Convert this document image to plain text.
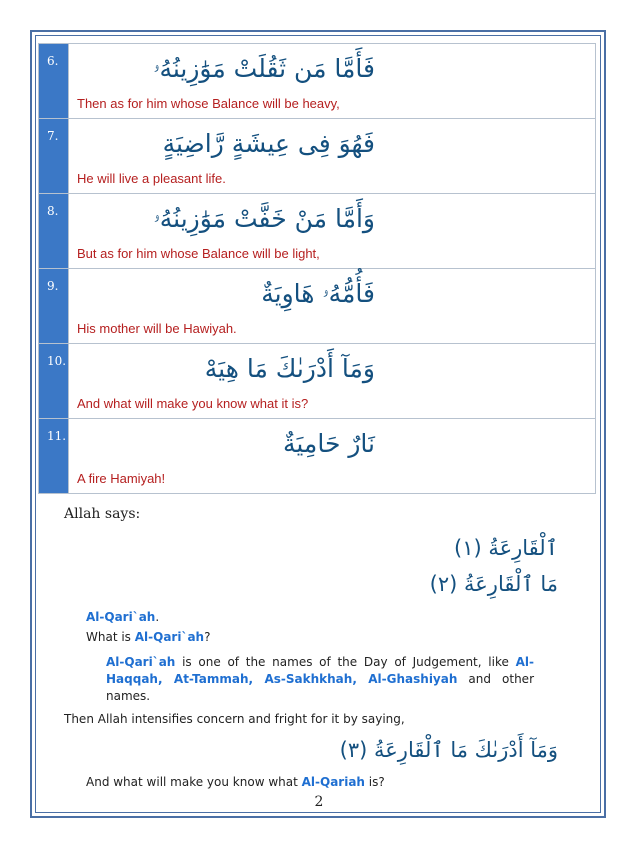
6.	فَأَمَّا مَن ثَقُلَتْ مَوَٰزِينُهُۥ
Then as for him whose Balance will be heavy,

7.	فَهُوَ فِى عِيشَةٍ رَّاضِيَةٍ
He will live a pleasant life.

8.	وَأَمَّا مَنْ خَفَّتْ مَوَٰزِينُهُۥ
But as for him whose Balance will be light,

9.	فَأُمُّهُۥ هَاوِيَةٌ
His mother will be Hawiyah.

10.	وَمَآ أَدْرَىٰكَ مَا هِيَهْ
And what will make you know what it is?

11.	نَارٌ حَامِيَةٌ
A fire Hamiyah!
Allah says:
ٱلْقَارِعَةُ (١)
مَا ٱلْقَارِعَةُ (٢)
Al-Qari`ah.
What is Al-Qari`ah?
Al-Qari`ah is one of the names of the Day of Judgement, like Al-Haqqah, At-Tammah, As-Sakhkhah, Al-Ghashiyah and other names.
Then Allah intensifies concern and fright for it by saying,
وَمَآ أَدْرَىٰكَ مَا ٱلْقَارِعَةُ (٣)
And what will make you know what Al-Qariah is?
2
